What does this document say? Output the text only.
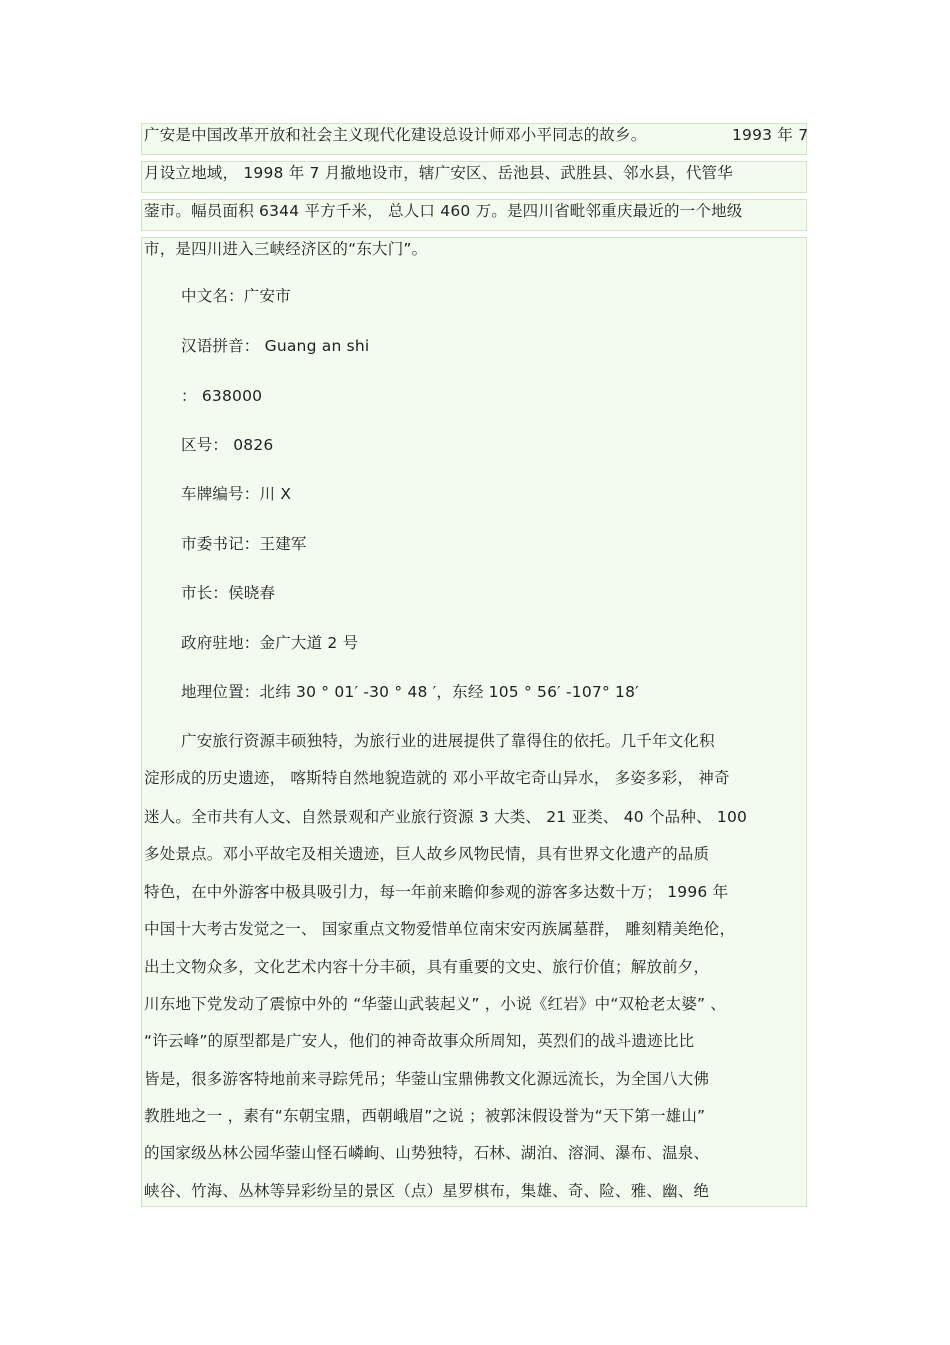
广安是中国改革开放和社会主义现代化建设总设计师邓小平同志的故乡。	1993 年 7
月设立地域， 1998 年 7 月撤地设市，辖广安区、岳池县、武胜县、邻水县，代管华
蓥市。幅员面积 6344 平方千米， 总人口 460 万。是四川省毗邻重庆最近的一个地级
市，是四川进入三峡经济区的“东大门”。
中文名：广安市
汉语拼音： Guang an shi
： 638000
区号： 0826
车牌编号：川 X
市委书记：王建军
市长：侯晓春
政府驻地：金广大道 2 号
地理位置：北纬 30 ° 01′ -30 ° 48 ′，东经 105 ° 56′ -107° 18′
广安旅行资源丰硕独特，为旅行业的进展提供了靠得住的依托。几千年文化积
淀形成的历史遗迹， 喀斯特自然地貌造就的 邓小平故宅奇山异水， 多姿多彩， 神奇
迷人。全市共有人文、自然景观和产业旅行资源 3 大类、 21 亚类、 40 个品种、 100
多处景点。邓小平故宅及相关遗迹，巨人故乡风物民情，具有世界文化遗产的品质
特色，在中外游客中极具吸引力，每一年前来瞻仰参观的游客多达数十万； 1996 年
中国十大考古发觉之一、 国家重点文物爱惜单位南宋安丙族属墓群， 雕刻精美绝伦，
出土文物众多，文化艺术内容十分丰硕，具有重要的文史、旅行价值；解放前夕，
川东地下党发动了震惊中外的 “华蓥山武装起义” ，小说《红岩》中“双枪老太婆” 、
“许云峰”的原型都是广安人，他们的神奇故事众所周知，英烈们的战斗遗迹比比
皆是，很多游客特地前来寻踪凭吊；华蓥山宝鼎佛教文化源远流长，为全国八大佛
教胜地之一 ，素有“东朝宝鼎，西朝峨眉”之说 ；被郭沫假设誉为“天下第一雄山”
的国家级丛林公园华蓥山怪石嶙峋、山势独特，石林、湖泊、溶洞、瀑布、温泉、
峡谷、竹海、丛林等异彩纷呈的景区（点）星罗棋布，集雄、奇、险、雅、幽、绝
